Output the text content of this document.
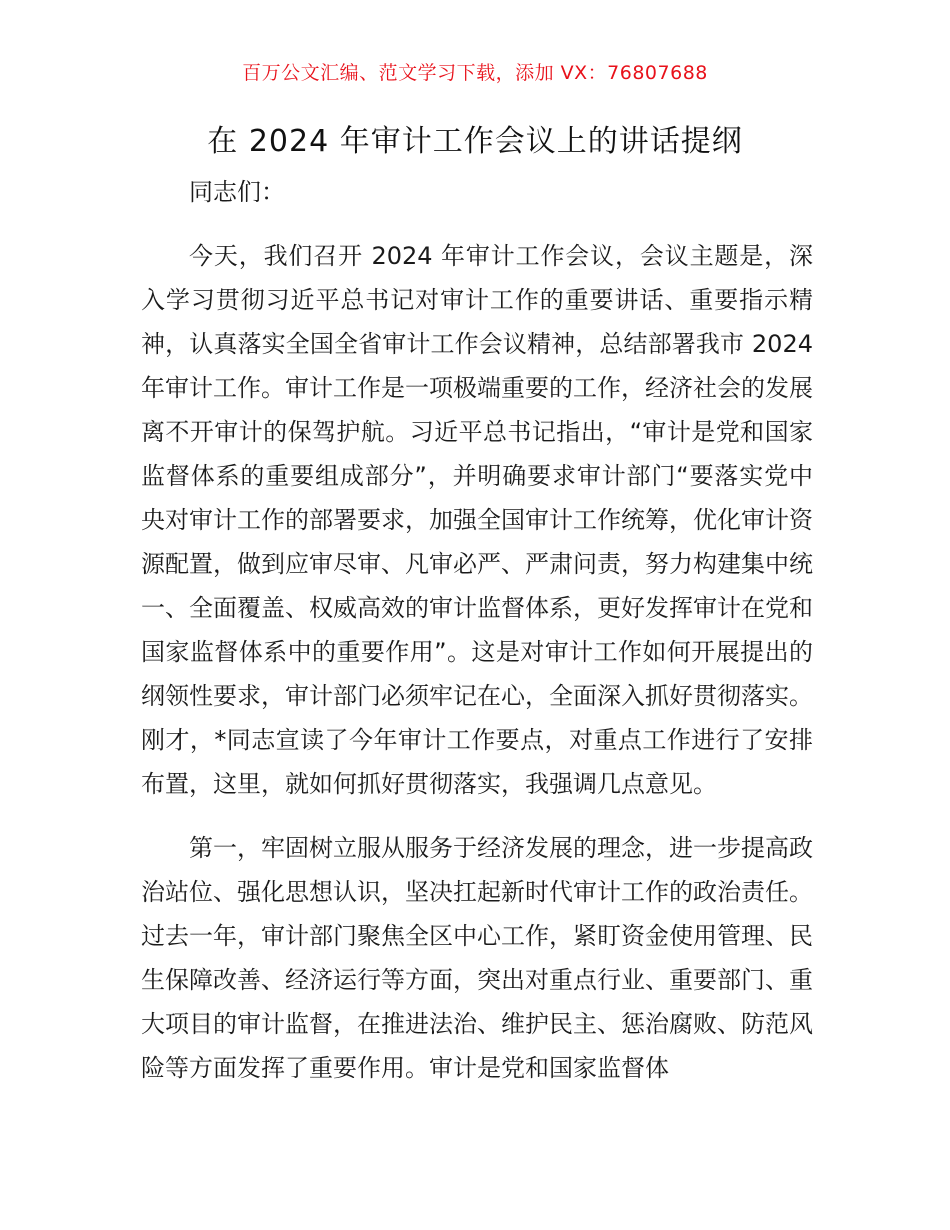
百万公文汇编、范文学习下载，添加 VX：76807688
在 2024 年审计工作会议上的讲话提纲

同志们：

今天，我们召开 2024 年审计工作会议，会议主题是，深入学习贯彻习近平总书记对审计工作的重要讲话、重要指示精神，认真落实全国全省审计工作会议精神，总结部署我市 2024 年审计工作。审计工作是一项极端重要的工作，经济社会的发展离不开审计的保驾护航。习近平总书记指出，“审计是党和国家监督体系的重要组成部分”，并明确要求审计部门“要落实党中央对审计工作的部署要求，加强全国审计工作统筹，优化审计资源配置，做到应审尽审、凡审必严、严肃问责，努力构建集中统一、全面覆盖、权威高效的审计监督体系，更好发挥审计在党和国家监督体系中的重要作用”。这是对审计工作如何开展提出的纲领性要求，审计部门必须牢记在心，全面深入抓好贯彻落实。刚才，*同志宣读了今年审计工作要点，对重点工作进行了安排布置，这里，就如何抓好贯彻落实，我强调几点意见。

第一，牢固树立服从服务于经济发展的理念，进一步提高政治站位、强化思想认识，坚决扛起新时代审计工作的政治责任。过去一年，审计部门聚焦全区中心工作，紧盯资金使用管理、民生保障改善、经济运行等方面，突出对重点行业、重要部门、重大项目的审计监督，在推进法治、维护民主、惩治腐败、防范风险等方面发挥了重要作用。审计是党和国家监督体
